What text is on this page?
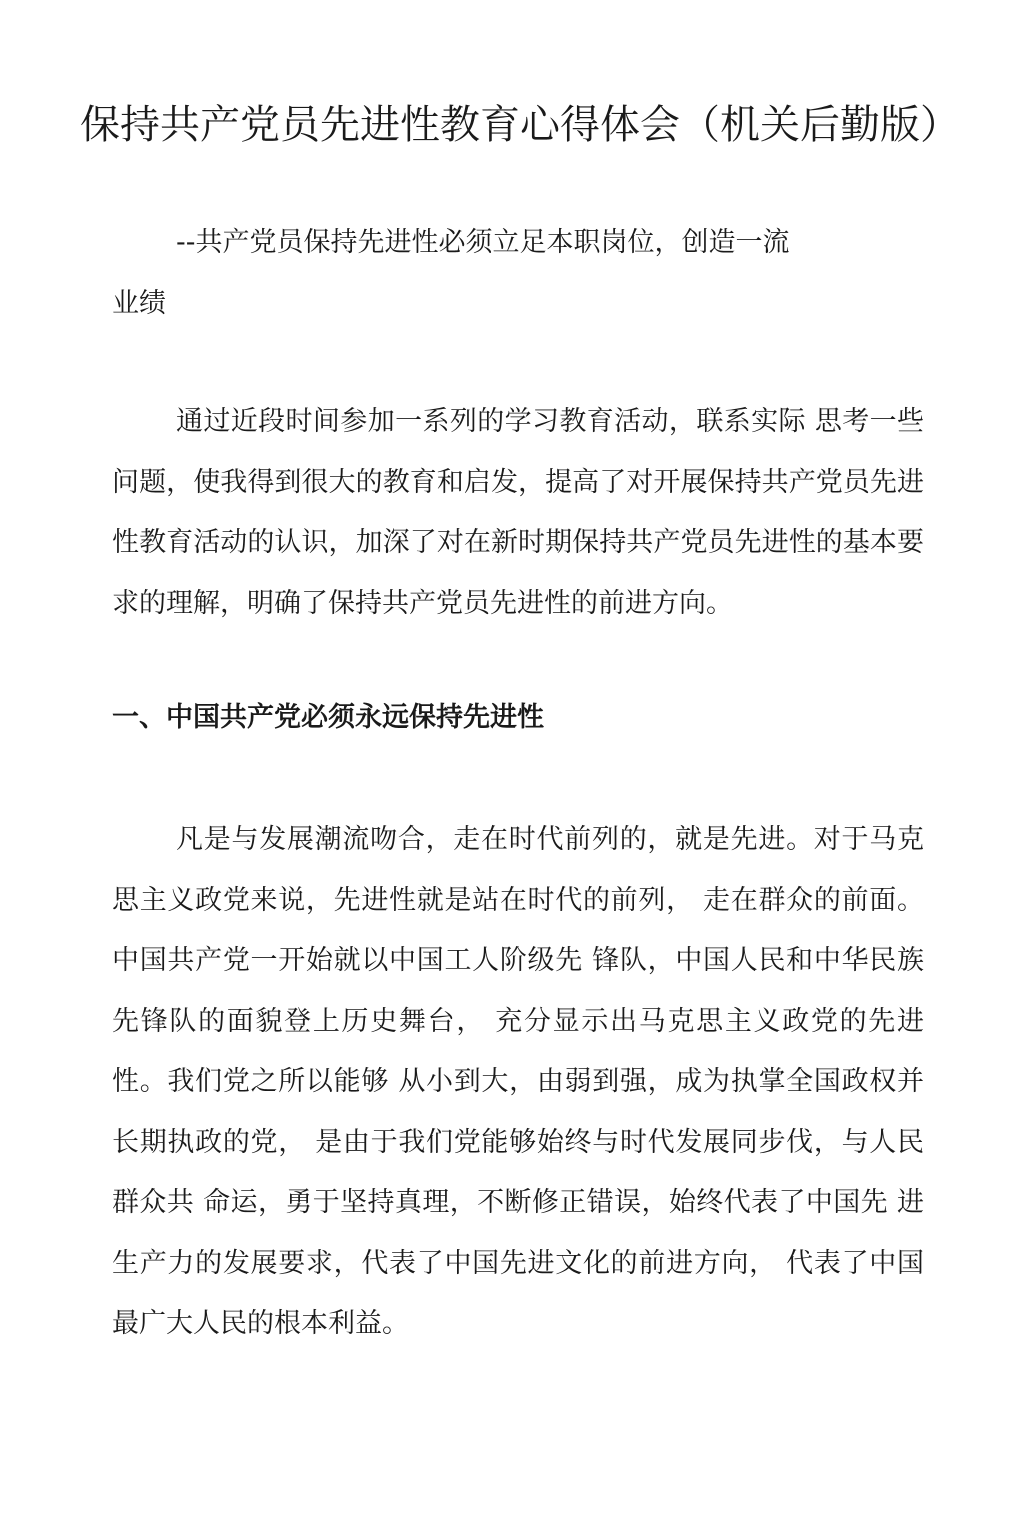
保持共产党员先进性教育心得体会（机关后勤版）
--共产党员保持先进性必须立足本职岗位，创造一流
业绩

通过近段时间参加一系列的学习教育活动，联系实际 思考一些问题，使我得到很大的教育和启发，提高了对开展保持共产党员先进性教育活动的认识，加深了对在新时期保持共产党员先进性的基本要求的理解，明确了保持共产党员先进性的前进方向。

一、中国共产党必须永远保持先进性

凡是与发展潮流吻合，走在时代前列的，就是先进。对于马克思主义政党来说，先进性就是站在时代的前列， 走在群众的前面。中国共产党一开始就以中国工人阶级先 锋队，中国人民和中华民族先锋队的面貌登上历史舞台， 充分显示出马克思主义政党的先进性。我们党之所以能够 从小到大，由弱到强，成为执掌全国政权并长期执政的党， 是由于我们党能够始终与时代发展同步伐，与人民群众共 命运，勇于坚持真理，不断修正错误，始终代表了中国先 进生产力的发展要求，代表了中国先进文化的前进方向， 代表了中国最广大人民的根本利益。
